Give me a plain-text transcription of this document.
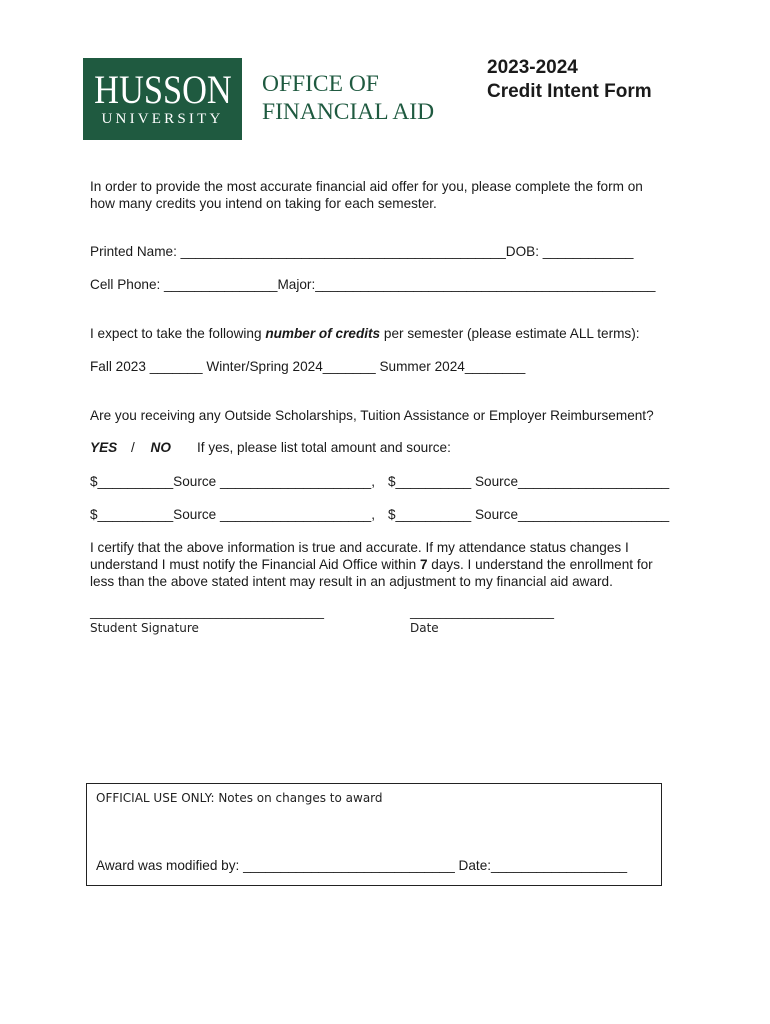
HUSSON
UNIVERSITY
OFFICE OF
FINANCIAL AID
2023-2024
Credit Intent Form
In order to provide the most accurate financial aid offer for you, please complete the form on how many credits you intend on taking for each semester.
Printed Name: ___________________________________________DOB: ____________
Cell Phone: _______________Major:_____________________________________________
I expect to take the following number of credits per semester (please estimate ALL terms):
Fall 2023 _______ Winter/Spring 2024_______ Summer 2024________
Are you receiving any Outside Scholarships, Tuition Assistance or Employer Reimbursement?
YES / NO If yes, please list total amount and source:
$__________Source ____________________, $__________ Source____________________
$__________Source ____________________, $__________ Source____________________
I certify that the above information is true and accurate. If my attendance status changes I understand I must notify the Financial Aid Office within 7 days. I understand the enrollment for less than the above stated intent may result in an adjustment to my financial aid award.
_______________________________________
Student Signature
________________________
Date
OFFICIAL USE ONLY: Notes on changes to award
Award was modified by: ____________________________ Date:__________________
